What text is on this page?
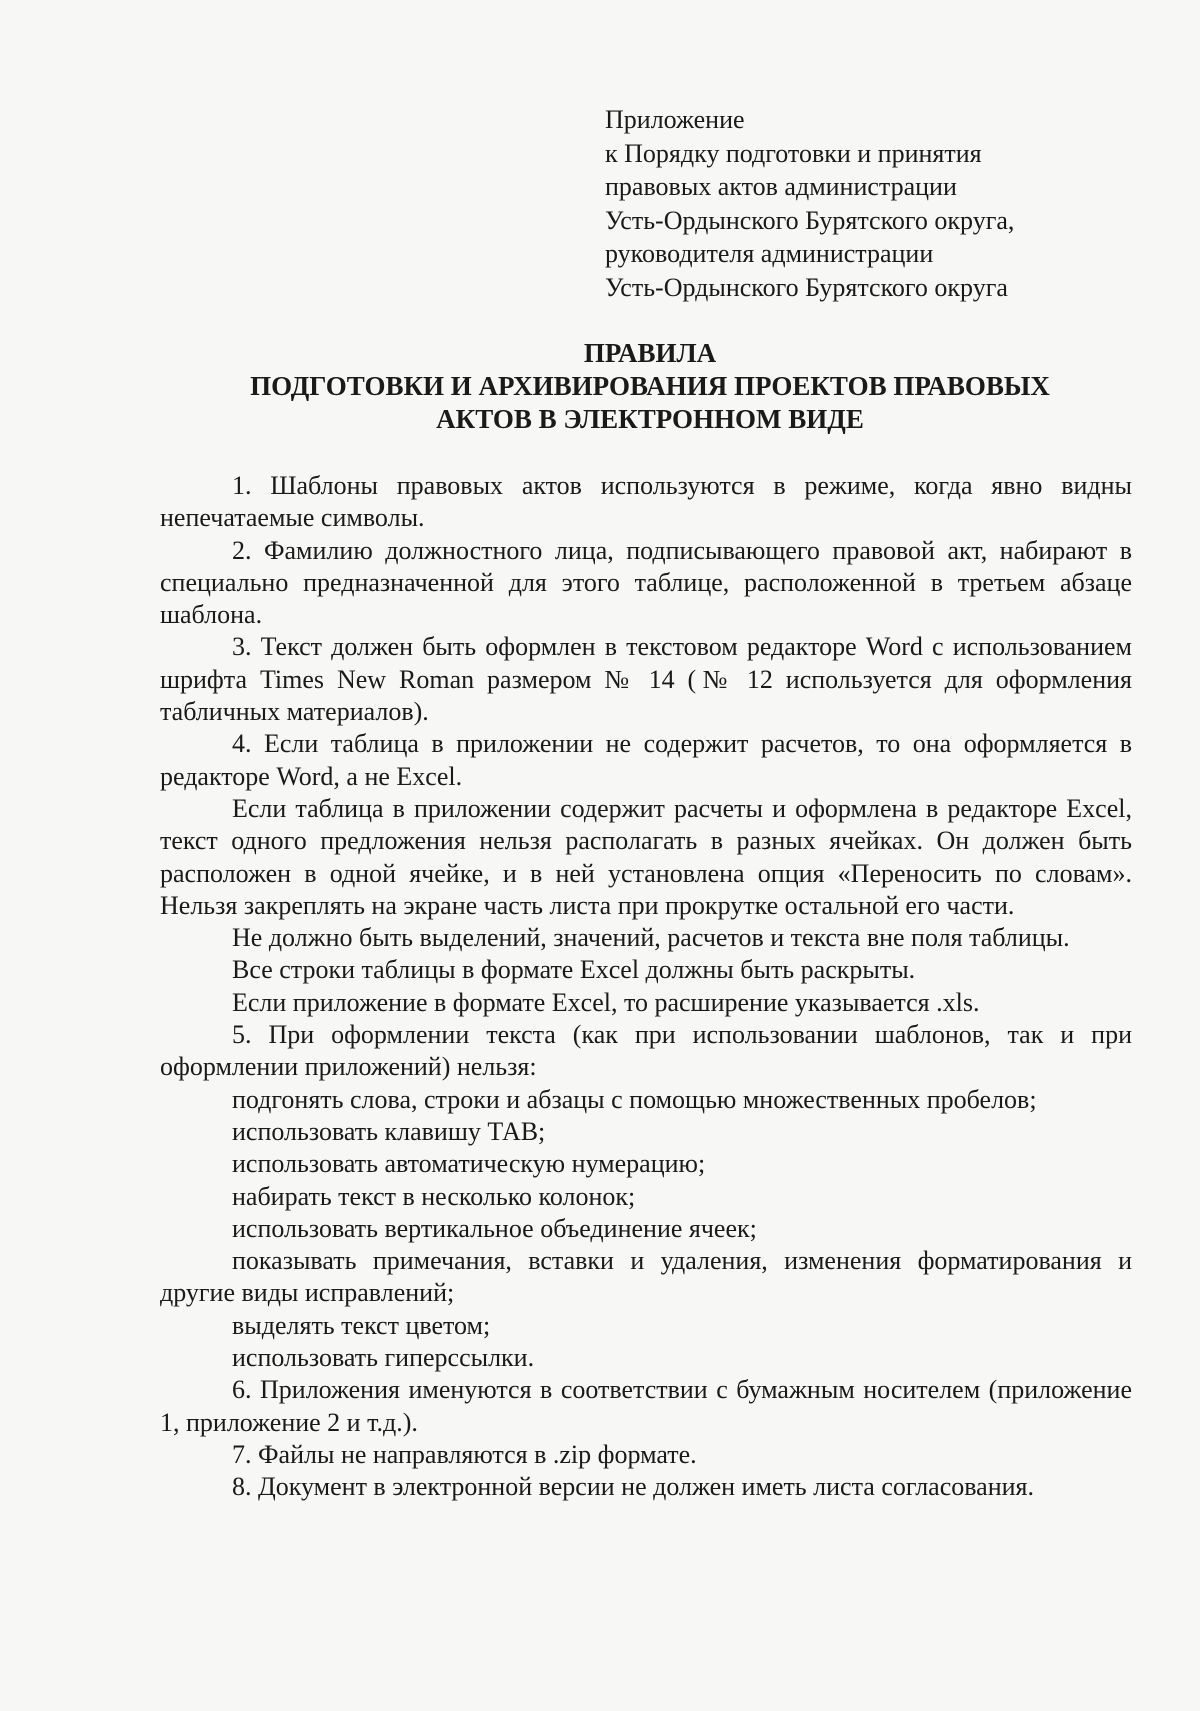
Приложение
к Порядку подготовки и принятия
правовых актов администрации
Усть-Ордынского Бурятского округа,
руководителя администрации
Усть-Ордынского Бурятского округа
ПРАВИЛА
ПОДГОТОВКИ И АРХИВИРОВАНИЯ ПРОЕКТОВ ПРАВОВЫХ
АКТОВ В ЭЛЕКТРОННОМ ВИДЕ

1. Шаблоны правовых актов используются в режиме, когда явно видны непечатаемые символы.

2. Фамилию должностного лица, подписывающего правовой акт, набирают в специально предназначенной для этого таблице, расположенной в третьем абзаце шаблона.

3. Текст должен быть оформлен в текстовом редакторе Word с использованием шрифта Times New Roman размером № 14 (№ 12 используется для оформления табличных материалов).

4. Если таблица в приложении не содержит расчетов, то она оформляется в редакторе Word, а не Excel.

Если таблица в приложении содержит расчеты и оформлена в редакторе Excel, текст одного предложения нельзя располагать в разных ячейках. Он должен быть расположен в одной ячейке, и в ней установлена опция «Переносить по словам». Нельзя закреплять на экране часть листа при прокрутке остальной его части.

Не должно быть выделений, значений, расчетов и текста вне поля таблицы.

Все строки таблицы в формате Excel должны быть раскрыты.

Если приложение в формате Excel, то расширение указывается .xls.

5. При оформлении текста (как при использовании шаблонов, так и при оформлении приложений) нельзя:

подгонять слова, строки и абзацы с помощью множественных пробелов;

использовать клавишу ТАВ;

использовать автоматическую нумерацию;

набирать текст в несколько колонок;

использовать вертикальное объединение ячеек;

показывать примечания, вставки и удаления, изменения форматирования и другие виды исправлений;

выделять текст цветом;

использовать гиперссылки.

6. Приложения именуются в соответствии с бумажным носителем (приложение 1, приложение 2 и т.д.).

7. Файлы не направляются в .zip формате.

8. Документ в электронной версии не должен иметь листа согласования.
